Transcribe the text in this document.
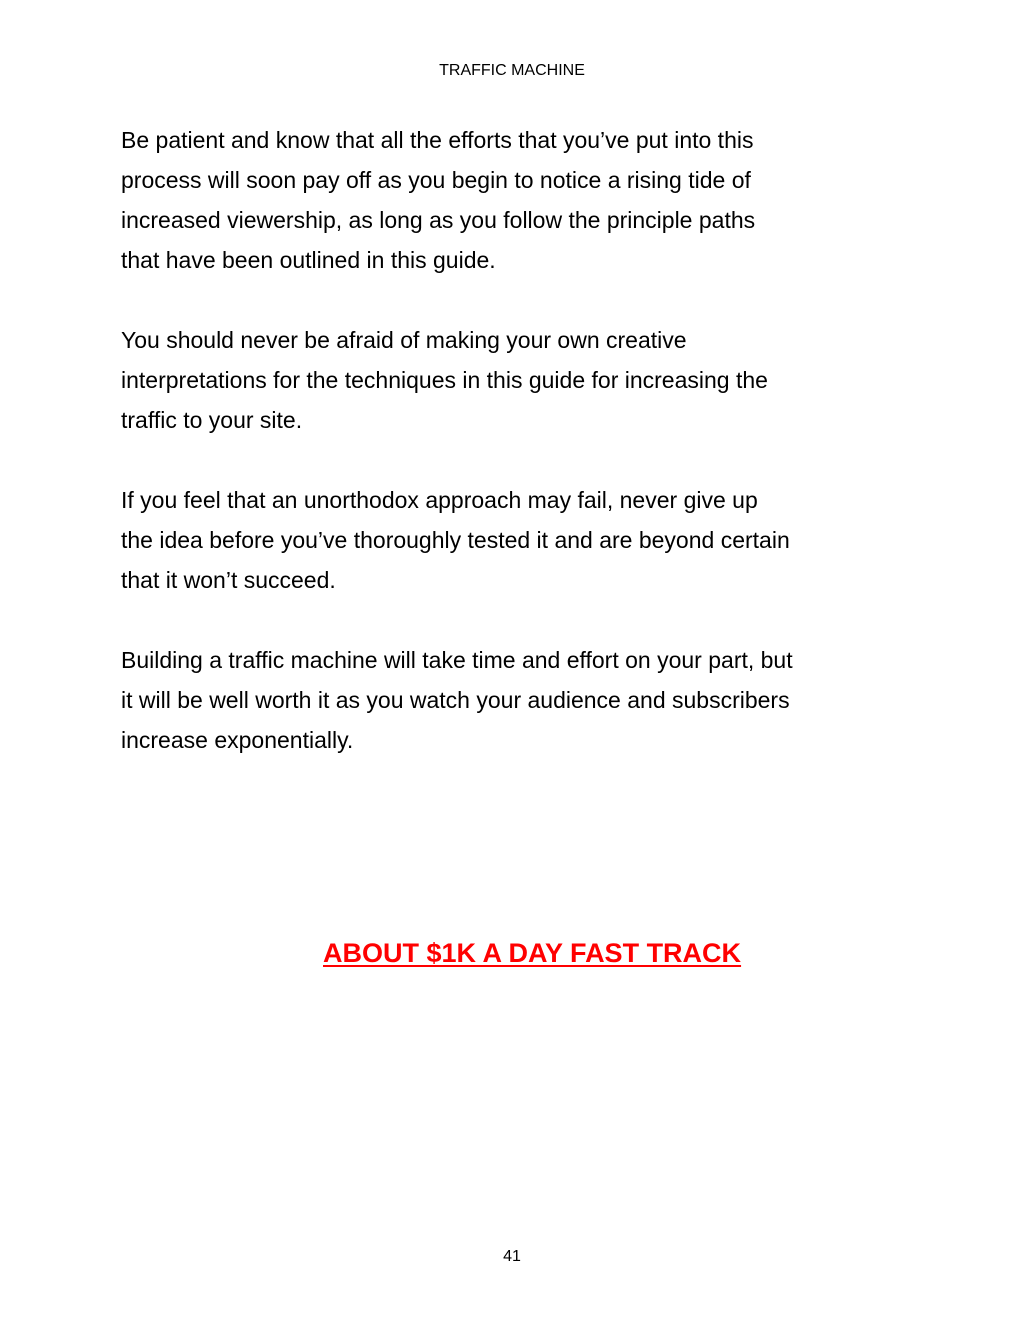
TRAFFIC MACHINE

Be patient and know that all the efforts that you’ve put into this
process will soon pay off as you begin to notice a rising tide of
increased viewership, as long as you follow the principle paths
that have been outlined in this guide.

You should never be afraid of making your own creative
interpretations for the techniques in this guide for increasing the
traffic to your site.

If you feel that an unorthodox approach may fail, never give up
the idea before you’ve thoroughly tested it and are beyond certain
that it won’t succeed.

Building a traffic machine will take time and effort on your part, but
it will be well worth it as you watch your audience and subscribers
increase exponentially.

ABOUT $1K A DAY FAST TRACK
41
